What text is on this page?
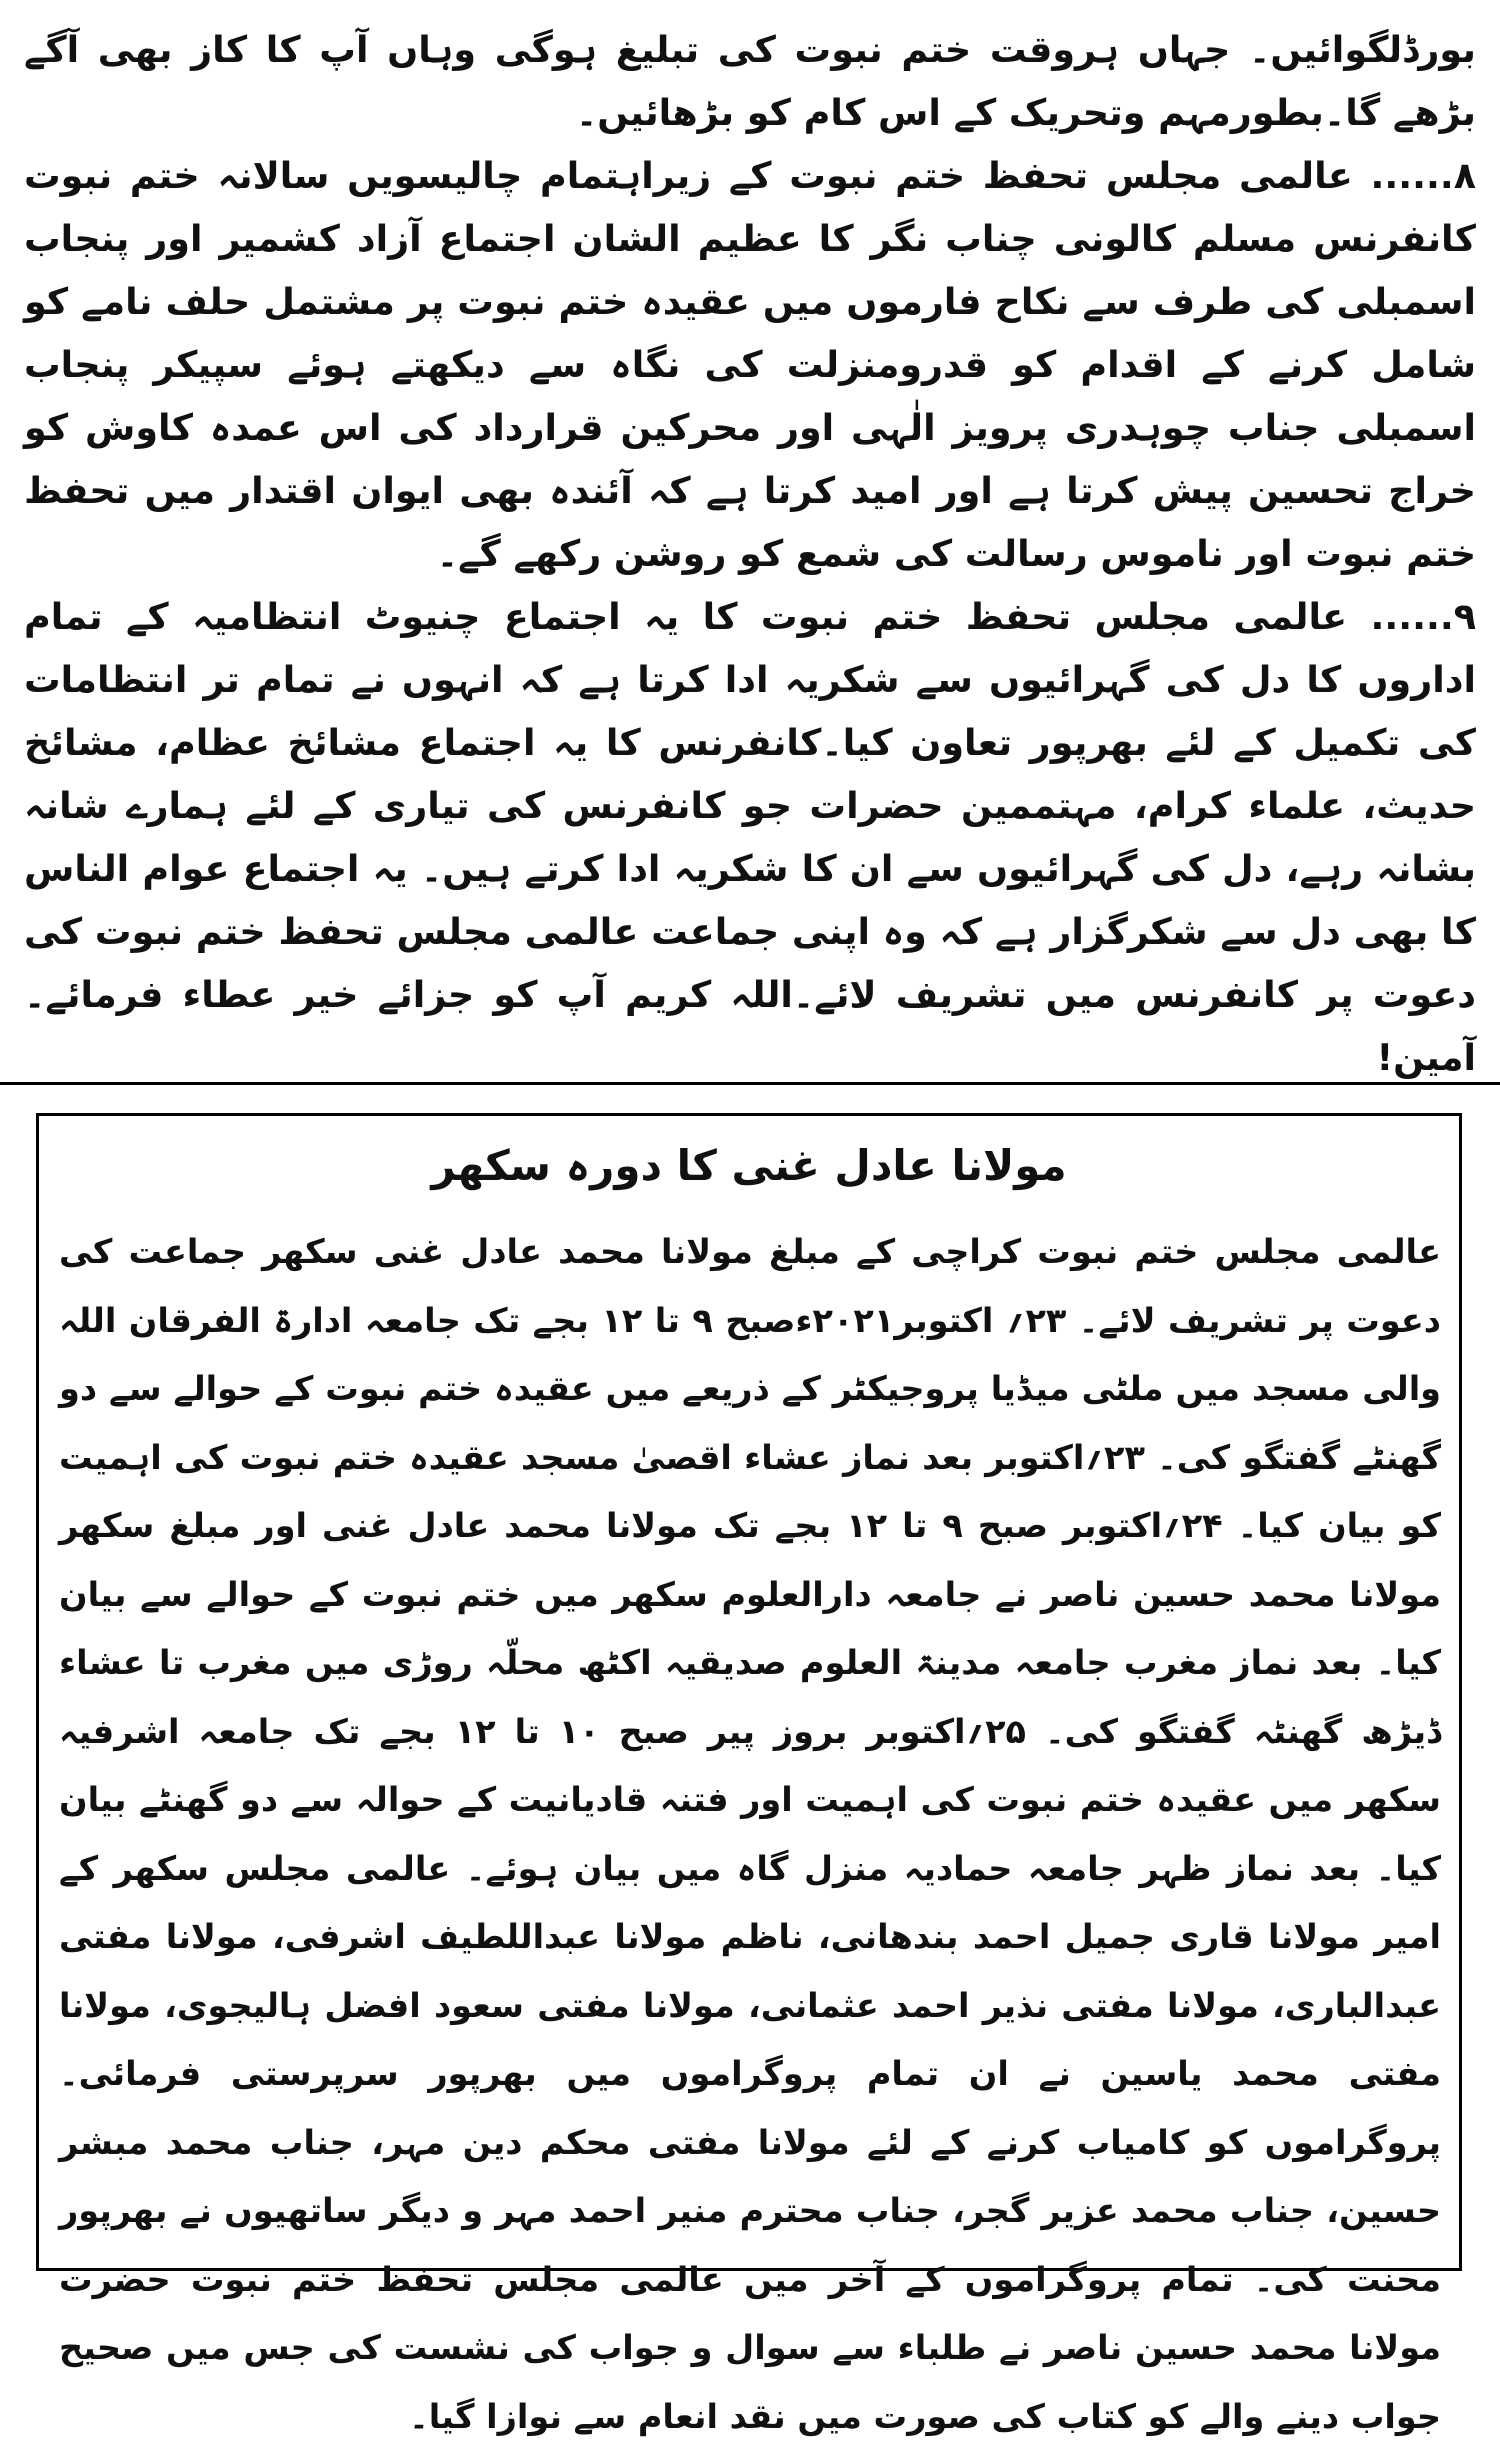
بورڈلگوائیں۔ جہاں ہروقت ختم نبوت کی تبلیغ ہوگی وہاں آپ کا کاز بھی آگے بڑھے گا۔بطورمہم وتحریک کے اس کام کو بڑھائیں۔

۸...... عالمی مجلس تحفظ ختم نبوت کے زیراہتمام چالیسویں سالانہ ختم نبوت کانفرنس مسلم کالونی چناب نگر کا عظیم الشان اجتماع آزاد کشمیر اور پنجاب اسمبلی کی طرف سے نکاح فارموں میں عقیدہ ختم نبوت پر مشتمل حلف نامے کو شامل کرنے کے اقدام کو قدرومنزلت کی نگاہ سے دیکھتے ہوئے سپیکر پنجاب اسمبلی جناب چوہدری پرویز الٰہی اور محرکین قرارداد کی اس عمدہ کاوش کو خراج تحسین پیش کرتا ہے اور امید کرتا ہے کہ آئندہ بھی ایوان اقتدار میں تحفظ ختم نبوت اور ناموس رسالت کی شمع کو روشن رکھے گے۔

۹...... عالمی مجلس تحفظ ختم نبوت کا یہ اجتماع چنیوٹ انتظامیہ کے تمام اداروں کا دل کی گہرائیوں سے شکریہ ادا کرتا ہے کہ انہوں نے تمام تر انتظامات کی تکمیل کے لئے بھرپور تعاون کیا۔کانفرنس کا یہ اجتماع مشائخ عظام، مشائخ حدیث، علماء کرام، مہتممین حضرات جو کانفرنس کی تیاری کے لئے ہمارے شانہ بشانہ رہے، دل کی گہرائیوں سے ان کا شکریہ ادا کرتے ہیں۔ یہ اجتماع عوام الناس کا بھی دل سے شکرگزار ہے کہ وہ اپنی جماعت عالمی مجلس تحفظ ختم نبوت کی دعوت پر کانفرنس میں تشریف لائے۔اللہ کریم آپ کو جزائے خیر عطاء فرمائے۔آمین!

مولانا عادل غنی کا دورہ سکھر

عالمی مجلس ختم نبوت کراچی کے مبلغ مولانا محمد عادل غنی سکھر جماعت کی دعوت پر تشریف لائے۔ ۲۳؍ اکتوبر۲۰۲۱ءصبح ۹ تا ۱۲ بجے تک جامعہ ادارۃ الفرقان اللہ والی مسجد میں ملٹی میڈیا پروجیکٹر کے ذریعے میں عقیدہ ختم نبوت کے حوالے سے دو گھنٹے گفتگو کی۔ ۲۳؍اکتوبر بعد نماز عشاء اقصیٰ مسجد عقیدہ ختم نبوت کی اہمیت کو بیان کیا۔ ۲۴؍اکتوبر صبح ۹ تا ۱۲ بجے تک مولانا محمد عادل غنی اور مبلغ سکھر مولانا محمد حسین ناصر نے جامعہ دارالعلوم سکھر میں ختم نبوت کے حوالے سے بیان کیا۔ بعد نماز مغرب جامعہ مدینۃ العلوم صدیقیہ اکٹھ محلّہ روڑی میں مغرب تا عشاء ڈیڑھ گھنٹہ گفتگو کی۔ ۲۵؍اکتوبر بروز پیر صبح ۱۰ تا ۱۲ بجے تک جامعہ اشرفیہ سکھر میں عقیدہ ختم نبوت کی اہمیت اور فتنہ قادیانیت کے حوالہ سے دو گھنٹے بیان کیا۔ بعد نماز ظہر جامعہ حمادیہ منزل گاہ میں بیان ہوئے۔ عالمی مجلس سکھر کے امیر مولانا قاری جمیل احمد بندھانی، ناظم مولانا عبداللطیف اشرفی، مولانا مفتی عبدالباری، مولانا مفتی نذیر احمد عثمانی، مولانا مفتی سعود افضل ہالیجوی، مولانا مفتی محمد یاسین نے ان تمام پروگراموں میں بھرپور سرپرستی فرمائی۔ پروگراموں کو کامیاب کرنے کے لئے مولانا مفتی محکم دین مہر، جناب محمد مبشر حسین، جناب محمد عزیر گجر، جناب محترم منیر احمد مہر و دیگر ساتھیوں نے بھرپور محنت کی۔ تمام پروگراموں کے آخر میں عالمی مجلس تحفظ ختم نبوت حضرت مولانا محمد حسین ناصر نے طلباء سے سوال و جواب کی نشست کی جس میں صحیح جواب دینے والے کو کتاب کی صورت میں نقد انعام سے نوازا گیا۔
